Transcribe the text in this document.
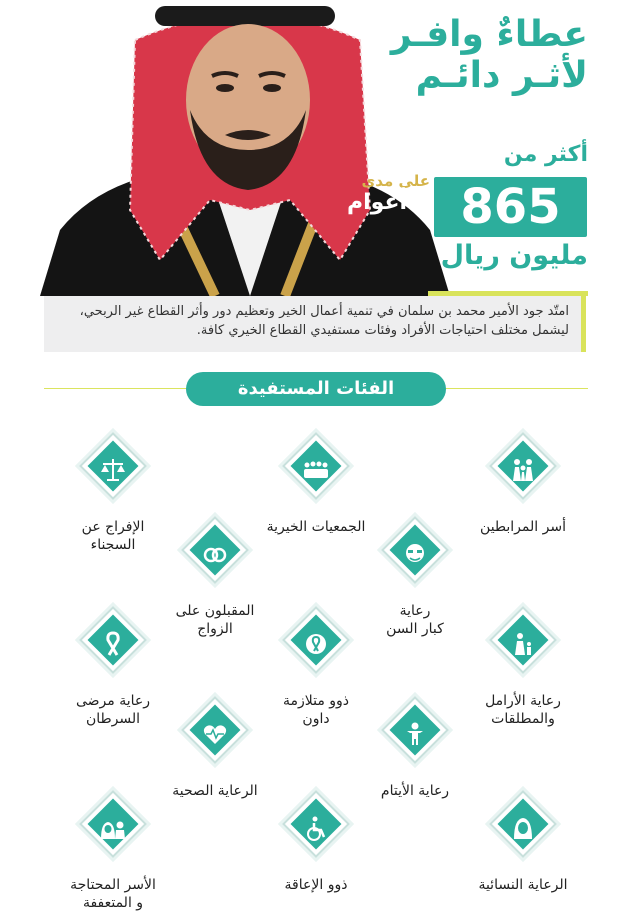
عطاءٌ وافـر
لأثـر دائـم
أكثر من
865
على مدى
4 أعوام
مليون ريال
امتّد جود الأمير محمد بن سلمان في تنمية أعمال الخير وتعظيم دور وأثر القطاع غير الربحي، ليشمل مختلف احتياجات الأفراد وفئات مستفيدي القطاع الخيري كافة.
الفئات المستفيدة
أسر المرابطين
الجمعيات الخيرية
الإفراج عن
السجناء
رعاية
كبار السن
المقبلون على
الزواج
رعاية الأرامل
والمطلقات
ذوو متلازمة
داون
رعاية مرضى
السرطان
رعاية الأيتام
الرعاية الصحية
الرعاية النسائية
ذوو الإعاقة
الأسر المحتاجة
و المتعففة
